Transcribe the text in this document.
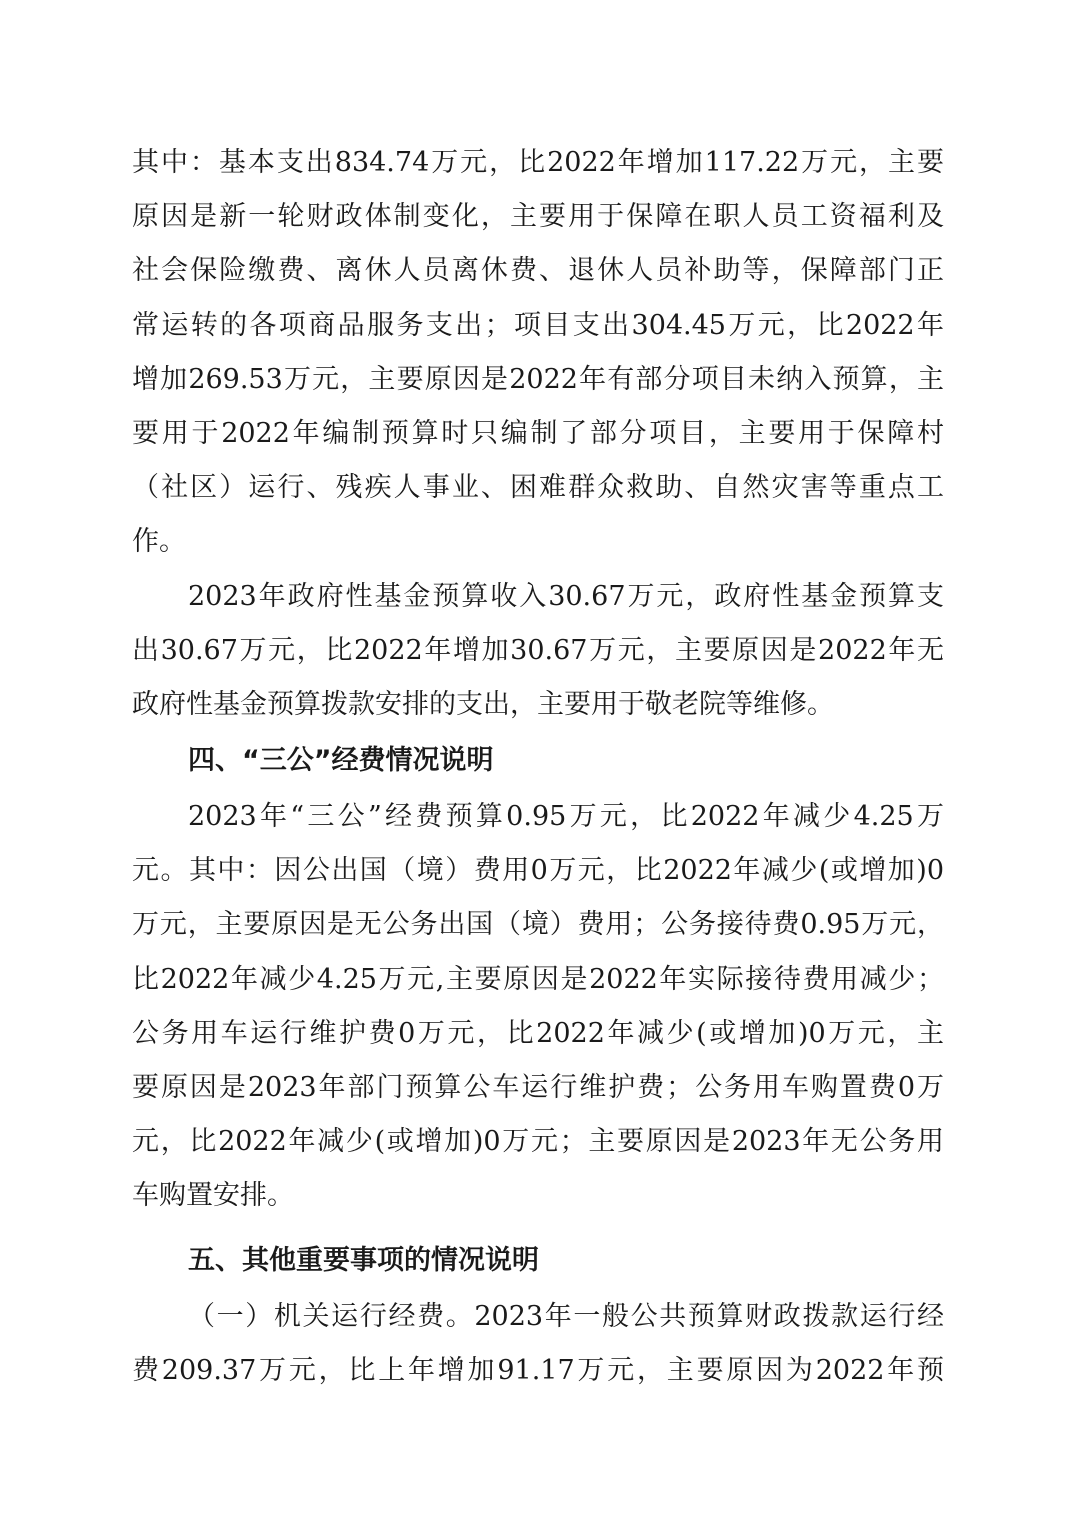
其中：基本支出834.74万元，比2022年增加117.22万元，主要
原因是新一轮财政体制变化，主要用于保障在职人员工资福利及
社会保险缴费、离休人员离休费、退休人员补助等，保障部门正
常运转的各项商品服务支出；项目支出304.45万元，比2022年
增加269.53万元，主要原因是2022年有部分项目未纳入预算，主
要用于2022年编制预算时只编制了部分项目，主要用于保障村
（社区）运行、残疾人事业、困难群众救助、自然灾害等重点工
作。
2023年政府性基金预算收入30.67万元，政府性基金预算支
出30.67万元，比2022年增加30.67万元，主要原因是2022年无
政府性基金预算拨款安排的支出，主要用于敬老院等维修。
四、“三公”经费情况说明
2023年“三公”经费预算0.95万元，比2022年减少4.25万
元。其中：因公出国（境）费用0万元，比2022年减少(或增加)0
万元，主要原因是无公务出国（境）费用；公务接待费0.95万元，
比2022年减少4.25万元,主要原因是2022年实际接待费用减少；
公务用车运行维护费0万元，比2022年减少(或增加)0万元，主
要原因是2023年部门预算公车运行维护费；公务用车购置费0万
元，比2022年减少(或增加)0万元；主要原因是2023年无公务用
车购置安排。
五、其他重要事项的情况说明
（一）机关运行经费。2023年一般公共预算财政拨款运行经
费209.37万元，比上年增加91.17万元，主要原因为2022年预
